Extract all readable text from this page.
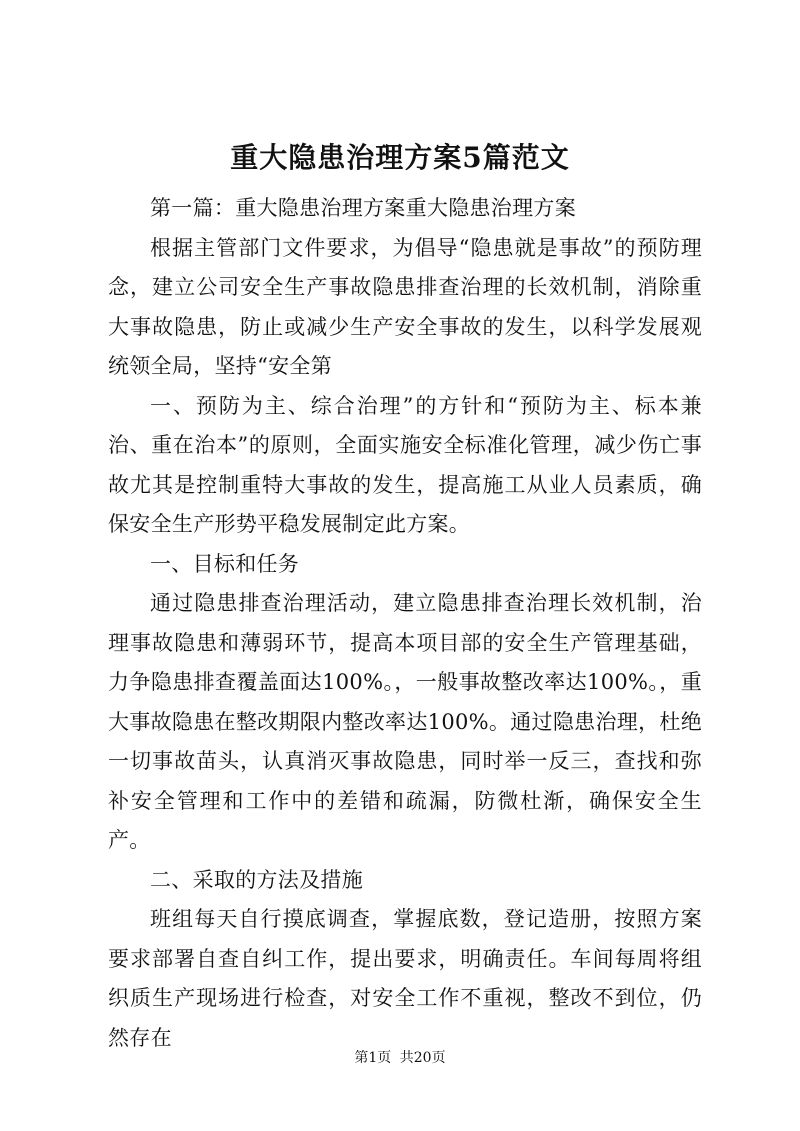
重大隐患治理方案5篇范文

第一篇：重大隐患治理方案重大隐患治理方案

根据主管部门文件要求，为倡导“隐患就是事故”的预防理念，建立公司安全生产事故隐患排查治理的长效机制，消除重大事故隐患，防止或减少生产安全事故的发生，以科学发展观统领全局，坚持“安全第

一、预防为主、综合治理”的方针和“预防为主、标本兼治、重在治本”的原则，全面实施安全标准化管理，减少伤亡事故尤其是控制重特大事故的发生，提高施工从业人员素质，确保安全生产形势平稳发展制定此方案。

一、目标和任务

通过隐患排查治理活动，建立隐患排查治理长效机制，治理事故隐患和薄弱环节，提高本项目部的安全生产管理基础，力争隐患排查覆盖面达100%。，一般事故整改率达100%。，重大事故隐患在整改期限内整改率达100%。通过隐患治理，杜绝一切事故苗头，认真消灭事故隐患，同时举一反三，查找和弥补安全管理和工作中的差错和疏漏，防微杜渐，确保安全生产。

二、采取的方法及措施

班组每天自行摸底调查，掌握底数，登记造册，按照方案要求部署自查自纠工作，提出要求，明确责任。车间每周将组织质生产现场进行检查，对安全工作不重视，整改不到位，仍然存在

第1页 共20页
